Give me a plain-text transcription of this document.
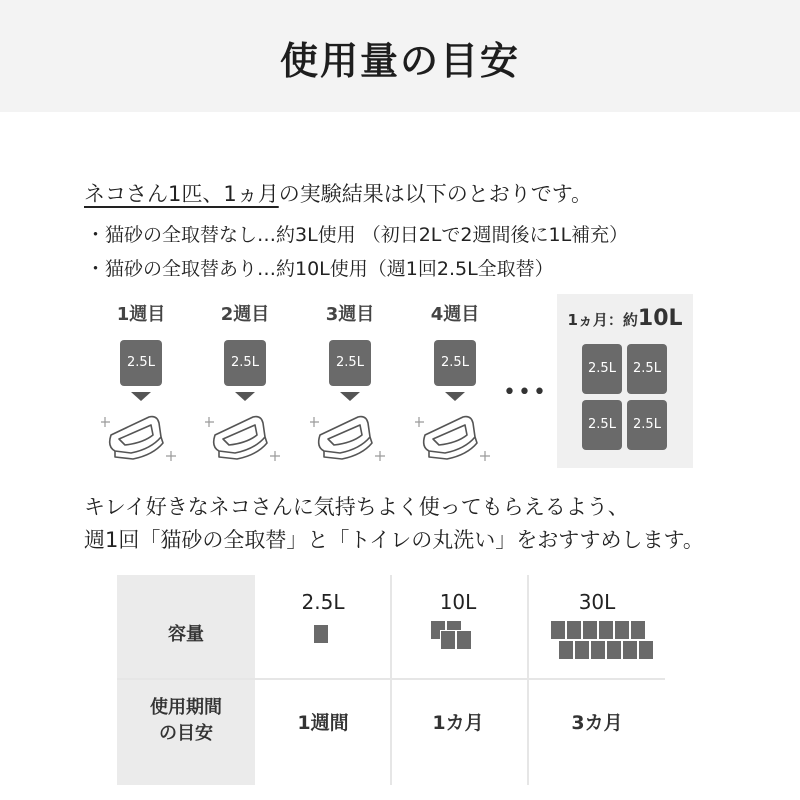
使用量の目安
ネコさん1匹、1ヵ月の実験結果は以下のとおりです。
・猫砂の全取替なし…約3L使用 （初日2Lで2週間後に1L補充）
・猫砂の全取替あり…約10L使用（週1回2.5L全取替）
1週目
2.5L
2週目
2.5L
3週目
2.5L
4週目
2.5L
•••
1ヵ月：約10L
2.5L	2.5L
2.5L	2.5L
キレイ好きなネコさんに気持ちよく使ってもらえるよう、
週1回「猫砂の全取替」と「トイレの丸洗い」をおすすめします。
容量
使用期間
の目安
2.5L
1週間
10L
1カ月
30L
3カ月
